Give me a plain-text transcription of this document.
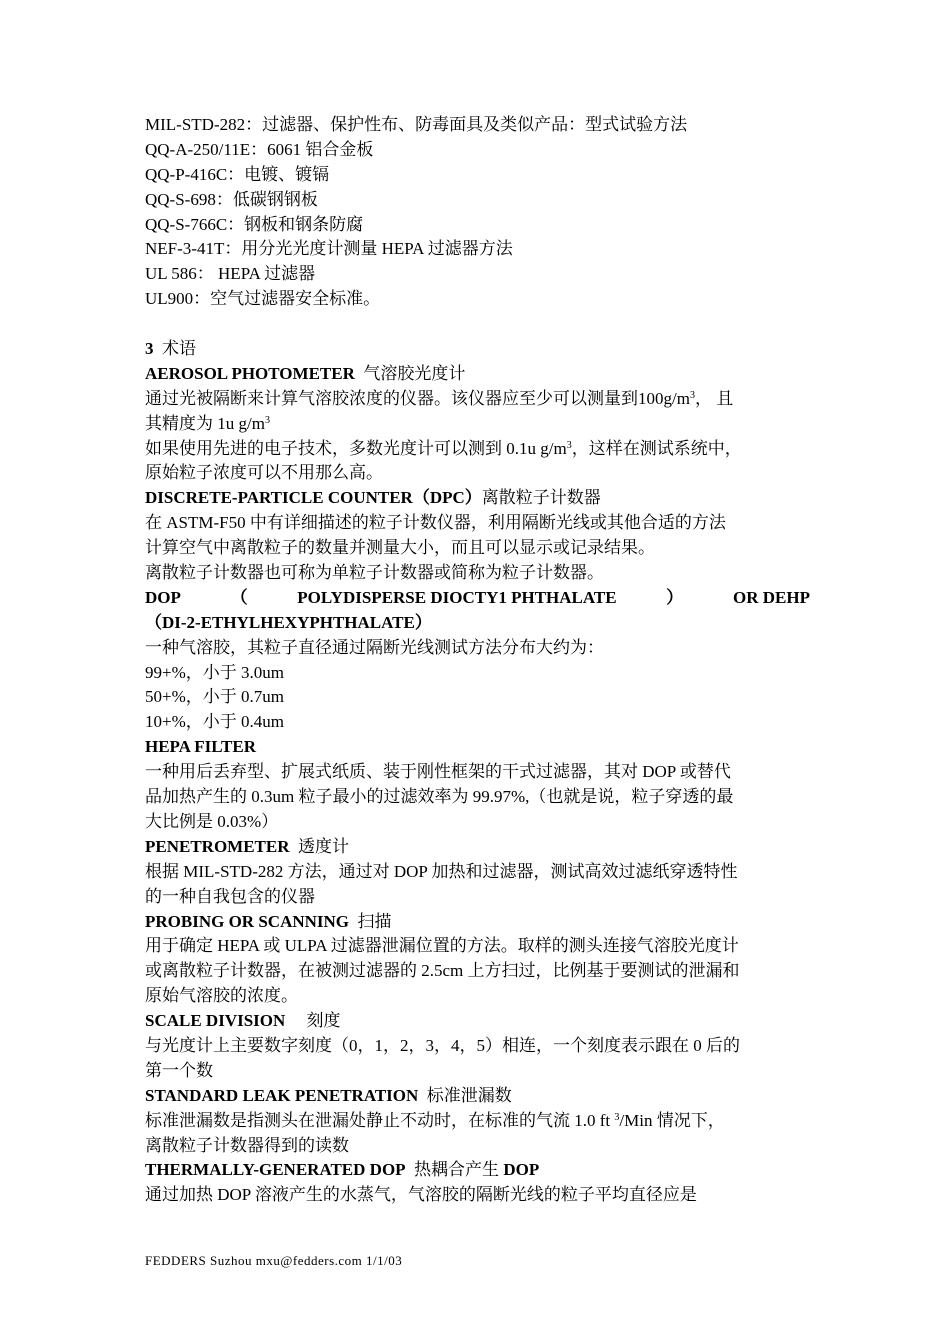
MIL-STD-282：过滤器、保护性布、防毒面具及类似产品：型式试验方法
QQ-A-250/11E：6061 铝合金板
QQ-P-416C：电镀、镀镉
QQ-S-698：低碳钢钢板
QQ-S-766C：钢板和钢条防腐
NEF-3-41T：用分光光度计测量 HEPA 过滤器方法
UL 586： HEPA 过滤器
UL900：空气过滤器安全标准。
3 术语
AEROSOL PHOTOMETER 气溶胶光度计
通过光被隔断来计算气溶胶浓度的仪器。该仪器应至少可以测量到$100g/m^3$， 且
其精度为 1u $g/m^3$
如果使用先进的电子技术，多数光度计可以测到 0.1u $g/m^3$，这样在测试系统中，
原始粒子浓度可以不用那么高。
DISCRETE-PARTICLE COUNTER（DPC）离散粒子计数器
在 ASTM-F50 中有详细描述的粒子计数仪器，利用隔断光线或其他合适的方法
计算空气中离散粒子的数量并测量大小，而且可以显示或记录结果。
离散粒子计数器也可称为单粒子计数器或简称为粒子计数器。
DOP	（	POLYDISPERSE DIOCTY1 PHTHALATE	）	OR DEHP
（DI-2-ETHYLHEXYPHTHALATE）
一种气溶胶，其粒子直径通过隔断光线测试方法分布大约为：
99+%，小于 3.0um
50+%，小于 0.7um
10+%，小于 0.4um
HEPA FILTER
一种用后丢弃型、扩展式纸质、装于刚性框架的干式过滤器，其对 DOP 或替代
品加热产生的 0.3um 粒子最小的过滤效率为 99.97%,（也就是说，粒子穿透的最
大比例是 0.03%）
PENETROMETER 透度计
根据 MIL-STD-282 方法，通过对 DOP 加热和过滤器，测试高效过滤纸穿透特性
的一种自我包含的仪器
PROBING OR SCANNING 扫描
用于确定 HEPA 或 ULPA 过滤器泄漏位置的方法。取样的测头连接气溶胶光度计
或离散粒子计数器，在被测过滤器的 2.5cm 上方扫过，比例基于要测试的泄漏和
原始气溶胶的浓度。
SCALE DIVISION 刻度
与光度计上主要数字刻度（0，1，2，3，4，5）相连，一个刻度表示跟在 0 后的
第一个数
STANDARD LEAK PENETRATION 标准泄漏数
标准泄漏数是指测头在泄漏处静止不动时，在标准的气流 1.0 ft $^3$/Min 情况下，
离散粒子计数器得到的读数
THERMALLY-GENERATED DOP 热耦合产生 DOP
通过加热 DOP 溶液产生的水蒸气，气溶胶的隔断光线的粒子平均直径应是
FEDDERS Suzhou mxu@fedders.com 1/1/03
